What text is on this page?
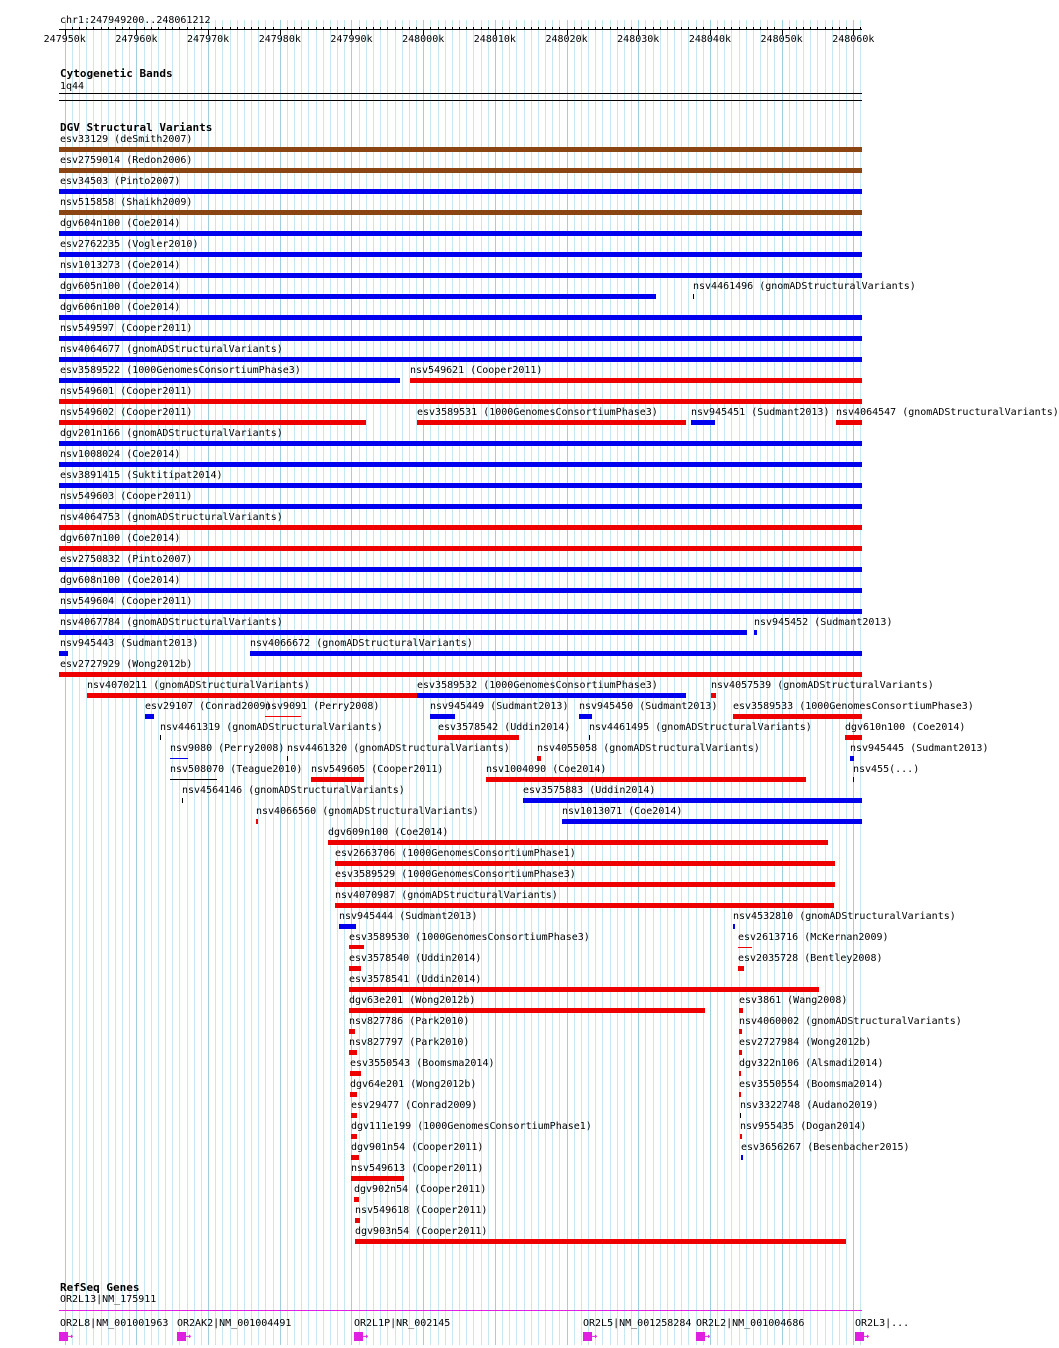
chr1:247949200..248061212
247950k	247960k	247970k	247980k	247990k	248000k	248010k	248020k	248030k	248040k	248050k	248060k
Cytogenetic Bands
1q44
DGV Structural Variants
esv33129 (deSmith2007)
esv2759014 (Redon2006)
esv34503 (Pinto2007)
nsv515858 (Shaikh2009)
dgv604n100 (Coe2014)
esv2762235 (Vogler2010)
nsv1013273 (Coe2014)
dgv605n100 (Coe2014)	nsv4461496 (gnomADStructuralVariants)
dgv606n100 (Coe2014)
nsv549597 (Cooper2011)
nsv4064677 (gnomADStructuralVariants)
esv3589522 (1000GenomesConsortiumPhase3)	nsv549621 (Cooper2011)
nsv549601 (Cooper2011)
nsv549602 (Cooper2011)	esv3589531 (1000GenomesConsortiumPhase3)	nsv945451 (Sudmant2013) nsv4064547 (gnomADStructuralVariants)
dgv201n166 (gnomADStructuralVariants)
nsv1008024 (Coe2014)
esv3891415 (Suktitipat2014)
nsv549603 (Cooper2011)
nsv4064753 (gnomADStructuralVariants)
dgv607n100 (Coe2014)
esv2750832 (Pinto2007)
dgv608n100 (Coe2014)
nsv549604 (Cooper2011)
nsv4067784 (gnomADStructuralVariants)	nsv945452 (Sudmant2013)
nsv945443 (Sudmant2013)	nsv4066672 (gnomADStructuralVariants)
esv2727929 (Wong2012b)
nsv4070211 (gnomADStructuralVariants)	esv3589532 (1000GenomesConsortiumPhase3)	nsv4057539 (gnomADStructuralVariants)
esv29107 (Conrad2009)
nsv9091 (Perry2008)	nsv945449 (Sudmant2013) nsv945450 (Sudmant2013) esv3589533 (1000GenomesConsortiumPhase3)
nsv4461319 (gnomADStructuralVariants)	esv3578542 (Uddin2014) nsv4461495 (gnomADStructuralVariants)	dgv610n100 (Coe2014)
nsv9080 (Perry2008) nsv4461320 (gnomADStructuralVariants)	nsv4055058 (gnomADStructuralVariants)	nsv945445 (Sudmant2013)
nsv508070 (Teague2010) nsv549605 (Cooper2011)	nsv1004090 (Coe2014)	nsv455(...)
nsv4564146 (gnomADStructuralVariants)	esv3575883 (Uddin2014)
nsv4066560 (gnomADStructuralVariants)	nsv1013071 (Coe2014)
dgv609n100 (Coe2014)
esv2663706 (1000GenomesConsortiumPhase1)
esv3589529 (1000GenomesConsortiumPhase3)
nsv4070987 (gnomADStructuralVariants)
nsv945444 (Sudmant2013)	nsv4532810 (gnomADStructuralVariants)
esv3589530 (1000GenomesConsortiumPhase3)	esv2613716 (McKernan2009)
esv3578540 (Uddin2014)	esv2035728 (Bentley2008)
esv3578541 (Uddin2014)
dgv63e201 (Wong2012b)	esv3861 (Wang2008)
nsv827786 (Park2010)	nsv4060002 (gnomADStructuralVariants)
nsv827797 (Park2010)	esv2727984 (Wong2012b)
esv3550543 (Boomsma2014)	dgv322n106 (Alsmadi2014)
dgv64e201 (Wong2012b)	esv3550554 (Boomsma2014)
esv29477 (Conrad2009)	nsv3322748 (Audano2019)
dgv111e199 (1000GenomesConsortiumPhase1)	nsv955435 (Dogan2014)
dgv901n54 (Cooper2011)	esv3656267 (Besenbacher2015)
nsv549613 (Cooper2011)
dgv902n54 (Cooper2011)
nsv549618 (Cooper2011)
dgv903n54 (Cooper2011)
RefSeq Genes
OR2L13|NM_175911
OR2L8|NM_001001963
→
OR2AK2|NM_001004491
→
OR2L1P|NR_002145
→
OR2L5|NM_001258284
→
OR2L2|NM_001004686
→
OR2L3|...
→
